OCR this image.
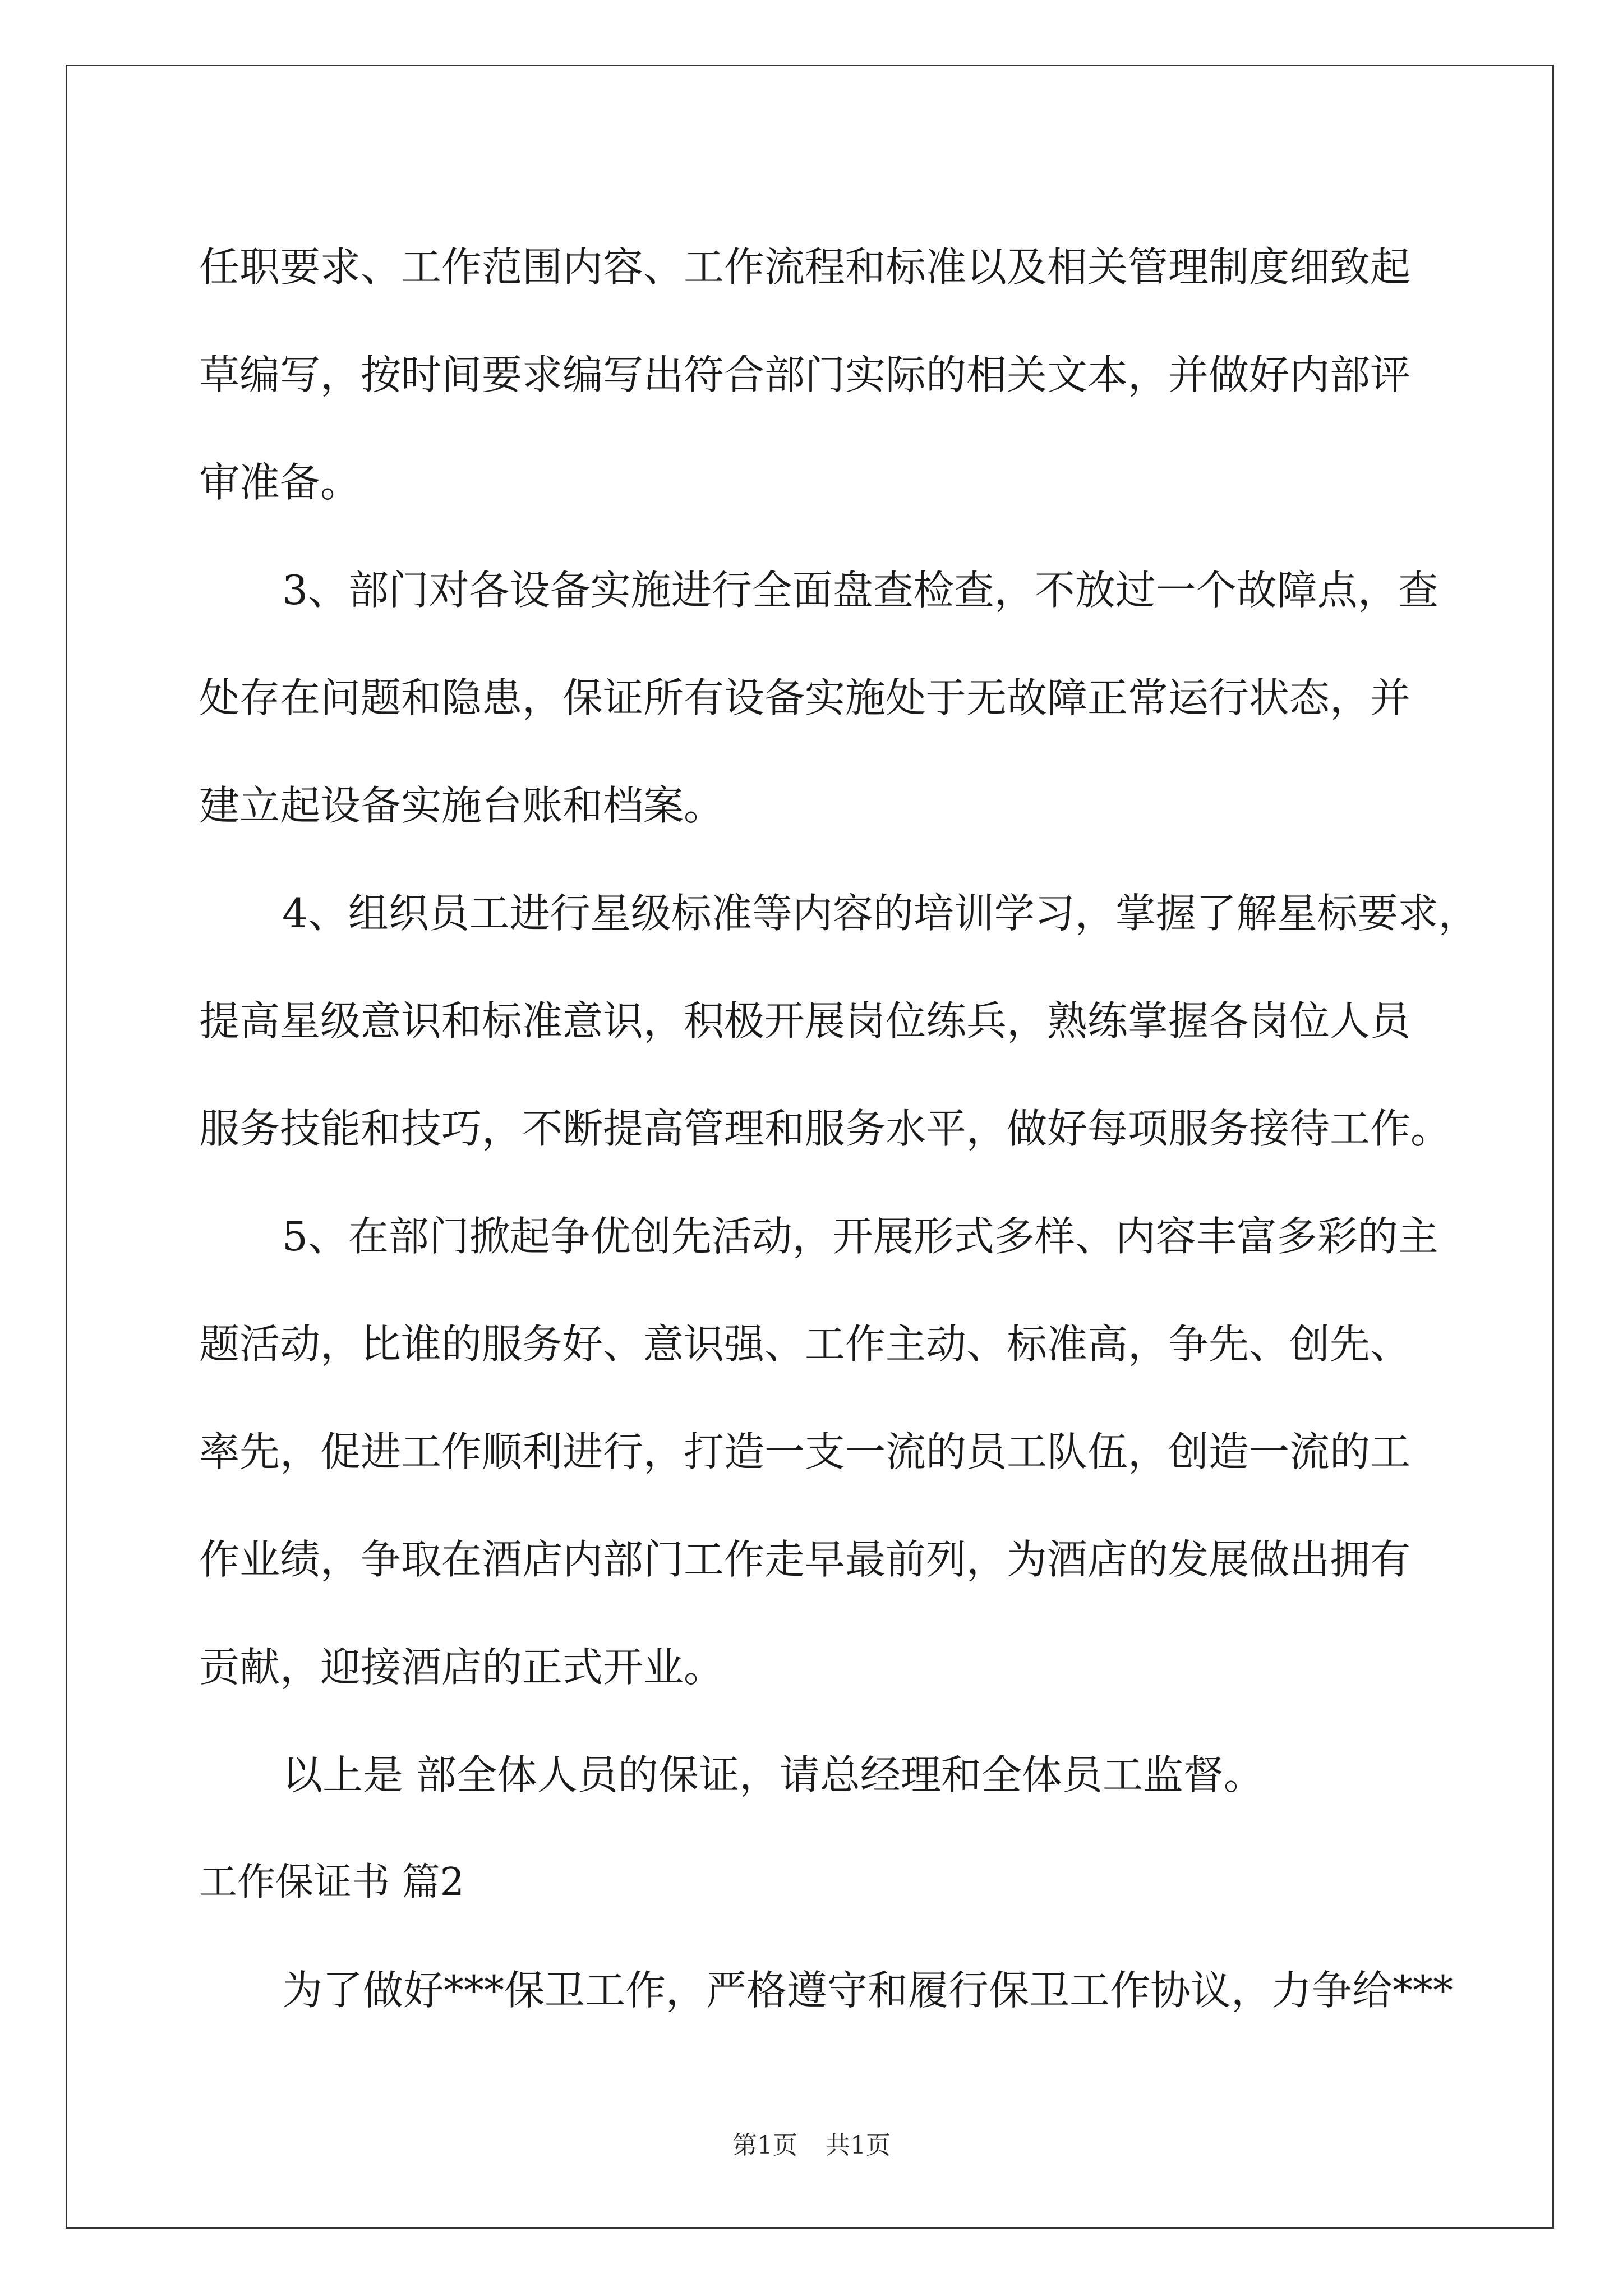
任职要求、工作范围内容、工作流程和标准以及相关管理制度细致起

草编写，按时间要求编写出符合部门实际的相关文本，并做好内部评

审准备。

3、部门对各设备实施进行全面盘查检查，不放过一个故障点，查

处存在问题和隐患，保证所有设备实施处于无故障正常运行状态，并

建立起设备实施台账和档案。

4、组织员工进行星级标准等内容的培训学习，掌握了解星标要求，

提高星级意识和标准意识，积极开展岗位练兵，熟练掌握各岗位人员

服务技能和技巧，不断提高管理和服务水平，做好每项服务接待工作。

5、在部门掀起争优创先活动，开展形式多样、内容丰富多彩的主

题活动，比谁的服务好、意识强、工作主动、标准高，争先、创先、

率先，促进工作顺利进行，打造一支一流的员工队伍，创造一流的工

作业绩，争取在酒店内部门工作走早最前列，为酒店的发展做出拥有

贡献，迎接酒店的正式开业。

以上是 部全体人员的保证，请总经理和全体员工监督。

工作保证书 篇2

为了做好***保卫工作，严格遵守和履行保卫工作协议，力争给***

第1页 共1页
